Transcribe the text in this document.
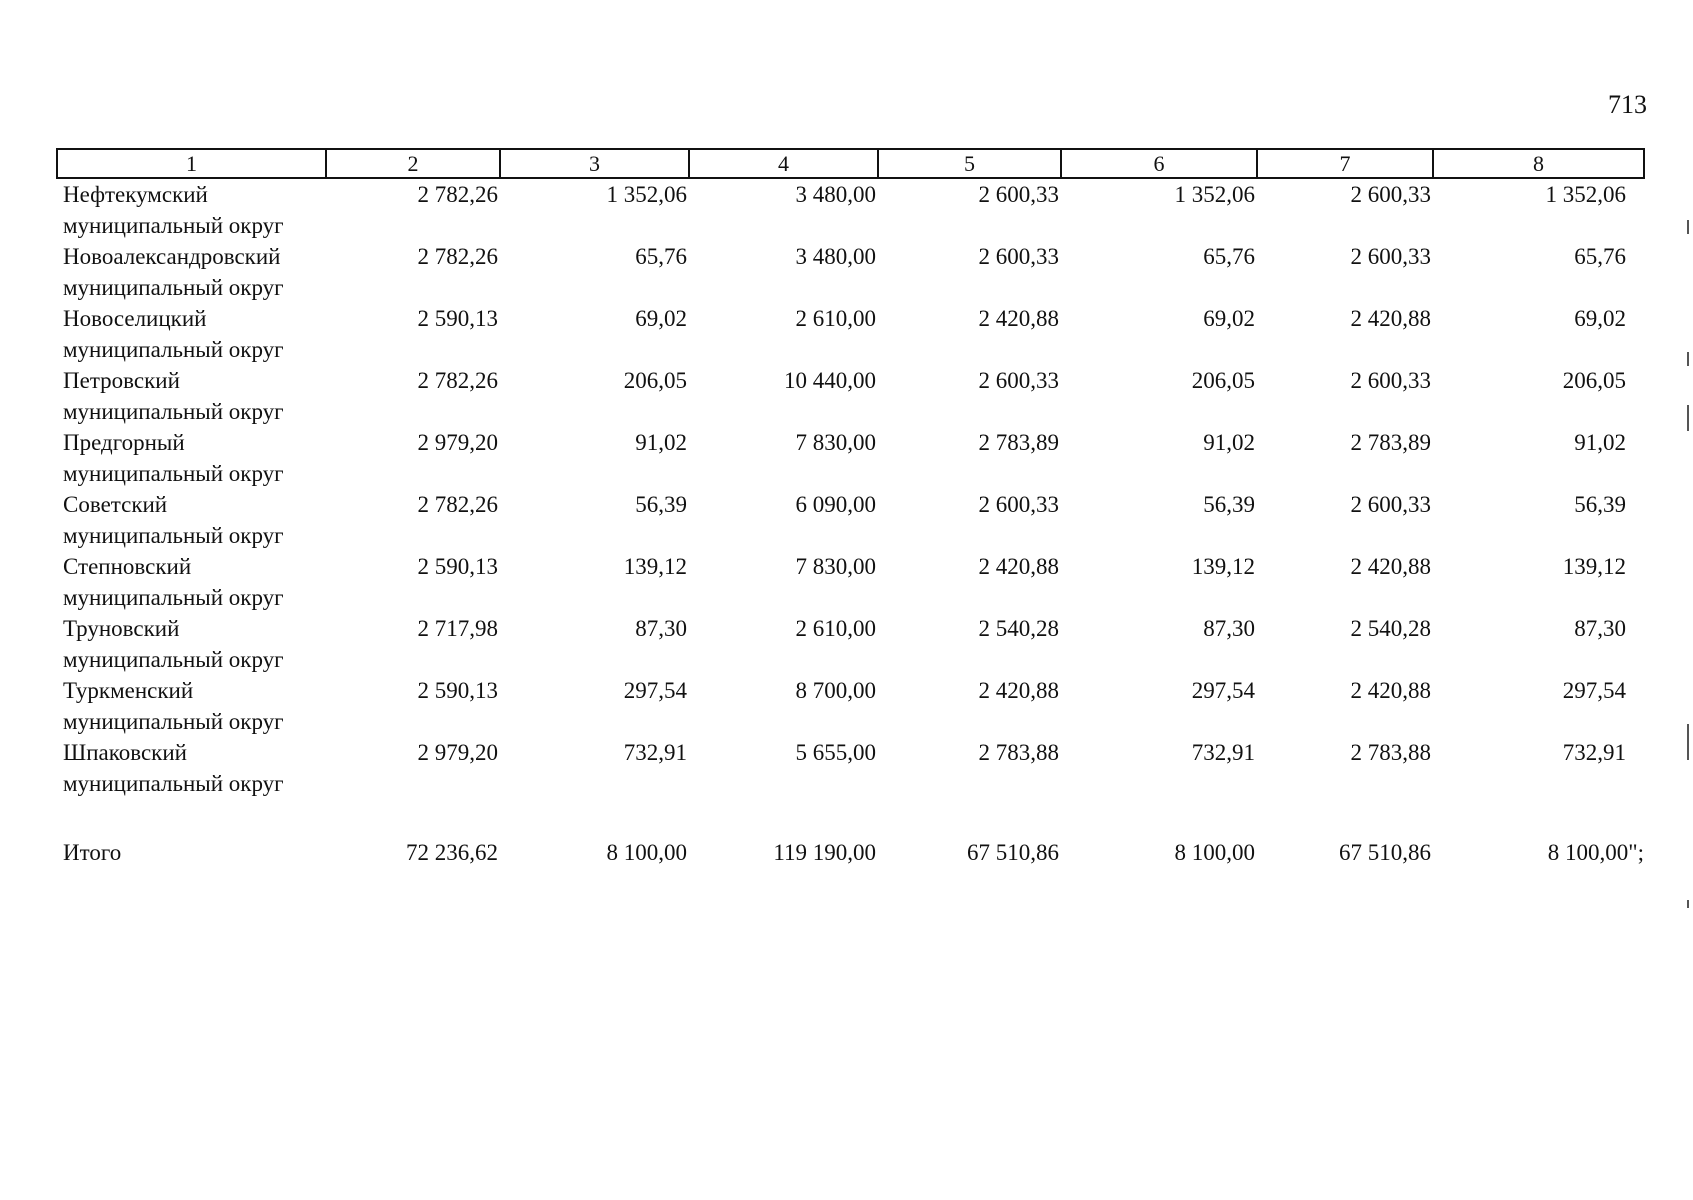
713
1	2	3	4	5	6	7	8

Нефтекумский
муниципальный округ	2 782,26	1 352,06	3 480,00	2 600,33	1 352,06	2 600,33	1 352,06

Новоалександровский
муниципальный округ	2 782,26	65,76	3 480,00	2 600,33	65,76	2 600,33	65,76

Новоселицкий
муниципальный округ	2 590,13	69,02	2 610,00	2 420,88	69,02	2 420,88	69,02

Петровский
муниципальный округ	2 782,26	206,05	10 440,00	2 600,33	206,05	2 600,33	206,05

Предгорный
муниципальный округ	2 979,20	91,02	7 830,00	2 783,89	91,02	2 783,89	91,02

Советский
муниципальный округ	2 782,26	56,39	6 090,00	2 600,33	56,39	2 600,33	56,39

Степновский
муниципальный округ	2 590,13	139,12	7 830,00	2 420,88	139,12	2 420,88	139,12

Труновский
муниципальный округ	2 717,98	87,30	2 610,00	2 540,28	87,30	2 540,28	87,30

Туркменский
муниципальный округ	2 590,13	297,54	8 700,00	2 420,88	297,54	2 420,88	297,54

Шпаковский
муниципальный округ	2 979,20	732,91	5 655,00	2 783,88	732,91	2 783,88	732,91

Итого	72 236,62	8 100,00	119 190,00	67 510,86	8 100,00	67 510,86	8 100,00";
